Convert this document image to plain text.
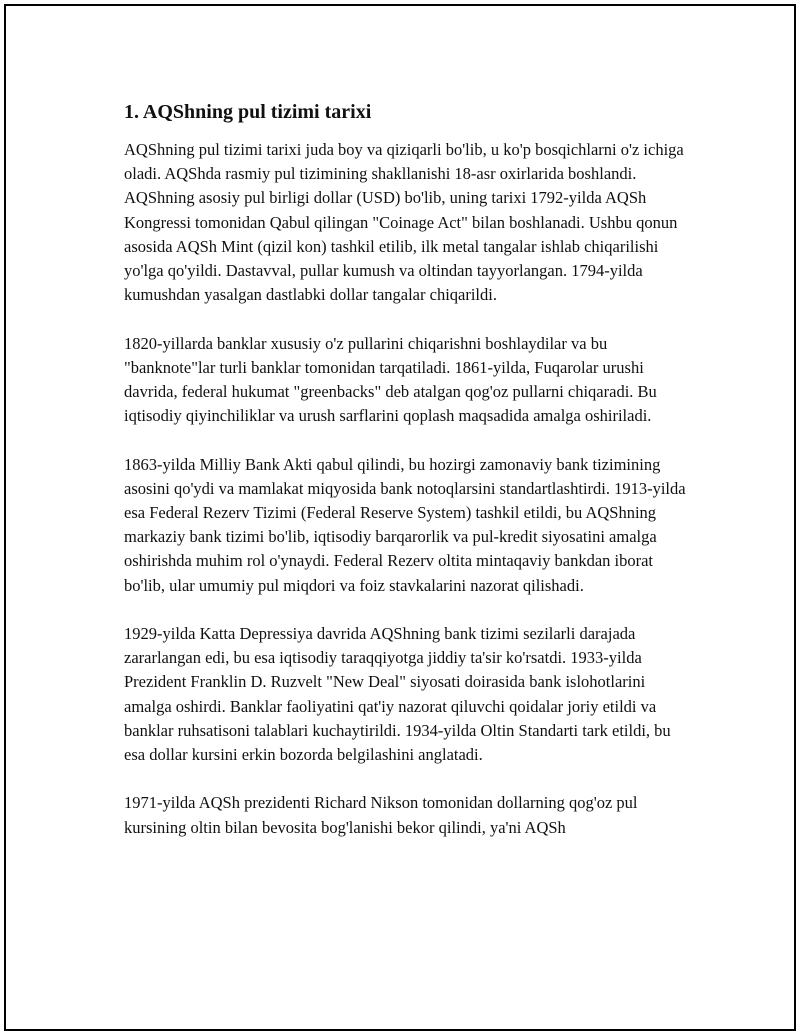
1. AQShning pul tizimi tarixi

AQShning pul tizimi tarixi juda boy va qiziqarli bo'lib, u ko'p bosqichlarni o'z ichiga oladi. AQShda rasmiy pul tizimining shakllanishi 18-asr oxirlarida boshlandi. AQShning asosiy pul birligi dollar (USD) bo'lib, uning tarixi 1792-yilda AQSh Kongressi tomonidan Qabul qilingan "Coinage Act" bilan boshlanadi. Ushbu qonun asosida AQSh Mint (qizil kon) tashkil etilib, ilk metal tangalar ishlab chiqarilishi yo'lga qo'yildi. Dastavval, pullar kumush va oltindan tayyorlangan. 1794-yilda kumushdan yasalgan dastlabki dollar tangalar chiqarildi.

1820-yillarda banklar xususiy o'z pullarini chiqarishni boshlaydilar va bu "banknote"lar turli banklar tomonidan tarqatiladi. 1861-yilda, Fuqarolar urushi davrida, federal hukumat "greenbacks" deb atalgan qog'oz pullarni chiqaradi. Bu iqtisodiy qiyinchiliklar va urush sarflarini qoplash maqsadida amalga oshiriladi.

1863-yilda Milliy Bank Akti qabul qilindi, bu hozirgi zamonaviy bank tizimining asosini qo'ydi va mamlakat miqyosida bank notoqlarsini standartlashtirdi. 1913-yilda esa Federal Rezerv Tizimi (Federal Reserve System) tashkil etildi, bu AQShning markaziy bank tizimi bo'lib, iqtisodiy barqarorlik va pul-kredit siyosatini amalga oshirishda muhim rol o'ynaydi. Federal Rezerv oltita mintaqaviy bankdan iborat bo'lib, ular umumiy pul miqdori va foiz stavkalarini nazorat qilishadi.

1929-yilda Katta Depressiya davrida AQShning bank tizimi sezilarli darajada zararlangan edi, bu esa iqtisodiy taraqqiyotga jiddiy ta'sir ko'rsatdi. 1933-yilda Prezident Franklin D. Ruzvelt "New Deal" siyosati doirasida bank islohotlarini amalga oshirdi. Banklar faoliyatini qat'iy nazorat qiluvchi qoidalar joriy etildi va banklar ruhsatisoni talablari kuchaytirildi. 1934-yilda Oltin Standarti tark etildi, bu esa dollar kursini erkin bozorda belgilashini anglatadi.

1971-yilda AQSh prezidenti Richard Nikson tomonidan dollarning qog'oz pul kursining oltin bilan bevosita bog'lanishi bekor qilindi, ya'ni AQSh
